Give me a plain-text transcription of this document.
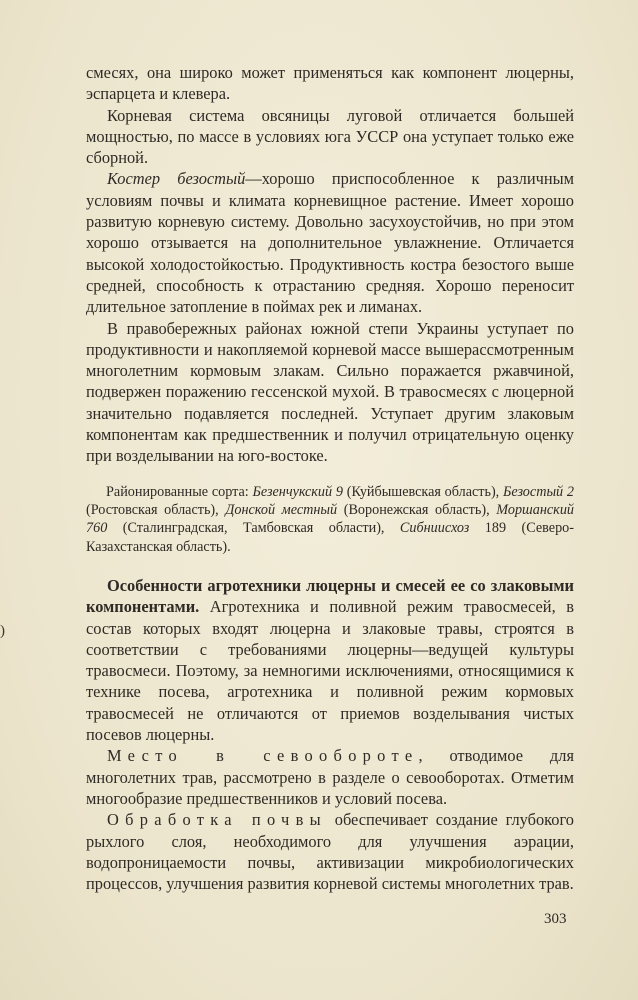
смесях, она широко может применяться как компонент люцерны, эспарцета и клевера.

Корневая система овсяницы луговой отличается большей мощностью, по массе в условиях юга УССР она уступает только еже сборной.

Костер безостый—хорошо приспособленное к различным условиям почвы и климата корневищное растение. Имеет хорошо развитую корневую систему. Довольно засухоустойчив, но при этом хорошо отзывается на дополнительное увлажнение. Отличается высокой холодостойкостью. Продуктивность костра безостого выше средней, способность к отрастанию средняя. Хорошо переносит длительное затопление в поймах рек и лиманах.

В правобережных районах южной степи Украины уступает по продуктивности и накопляемой корневой массе вышерассмотренным многолетним кормовым злакам. Сильно поражается ржавчиной, подвержен поражению гессенской мухой. В травосмесях с люцерной значительно подавляется последней. Уступает другим злаковым компонентам как предшественник и получил отрицательную оценку при возделывании на юго-востоке.

Районированные сорта: Безенчукский 9 (Куйбышевская область), Безостый 2 (Ростовская область), Донской местный (Воронежская область), Моршанский 760 (Сталинградская, Тамбовская области), Сибниисхоз 189 (Северо-Казахстанская область).

Особенности агротехники люцерны и смесей ее со злаковыми компонентами. Агротехника и поливной режим травосмесей, в состав которых входят люцерна и злаковые травы, строятся в соответствии с требованиями люцерны—ведущей культуры травосмеси. Поэтому, за немногими исключениями, относящимися к технике посева, агротехника и поливной режим кормовых травосмесей не отличаются от приемов возделывания чистых посевов люцерны.

Место в севообороте, отводимое для многолетних трав, рассмотрено в разделе о севооборотах. Отметим многообразие предшественников и условий посева.

Обработка почвы обеспечивает создание глубокого рыхлого слоя, необходимого для улучшения аэрации, водопроницаемости почвы, активизации микробиологических процессов, улучшения развития корневой системы многолетних трав.

)
303
